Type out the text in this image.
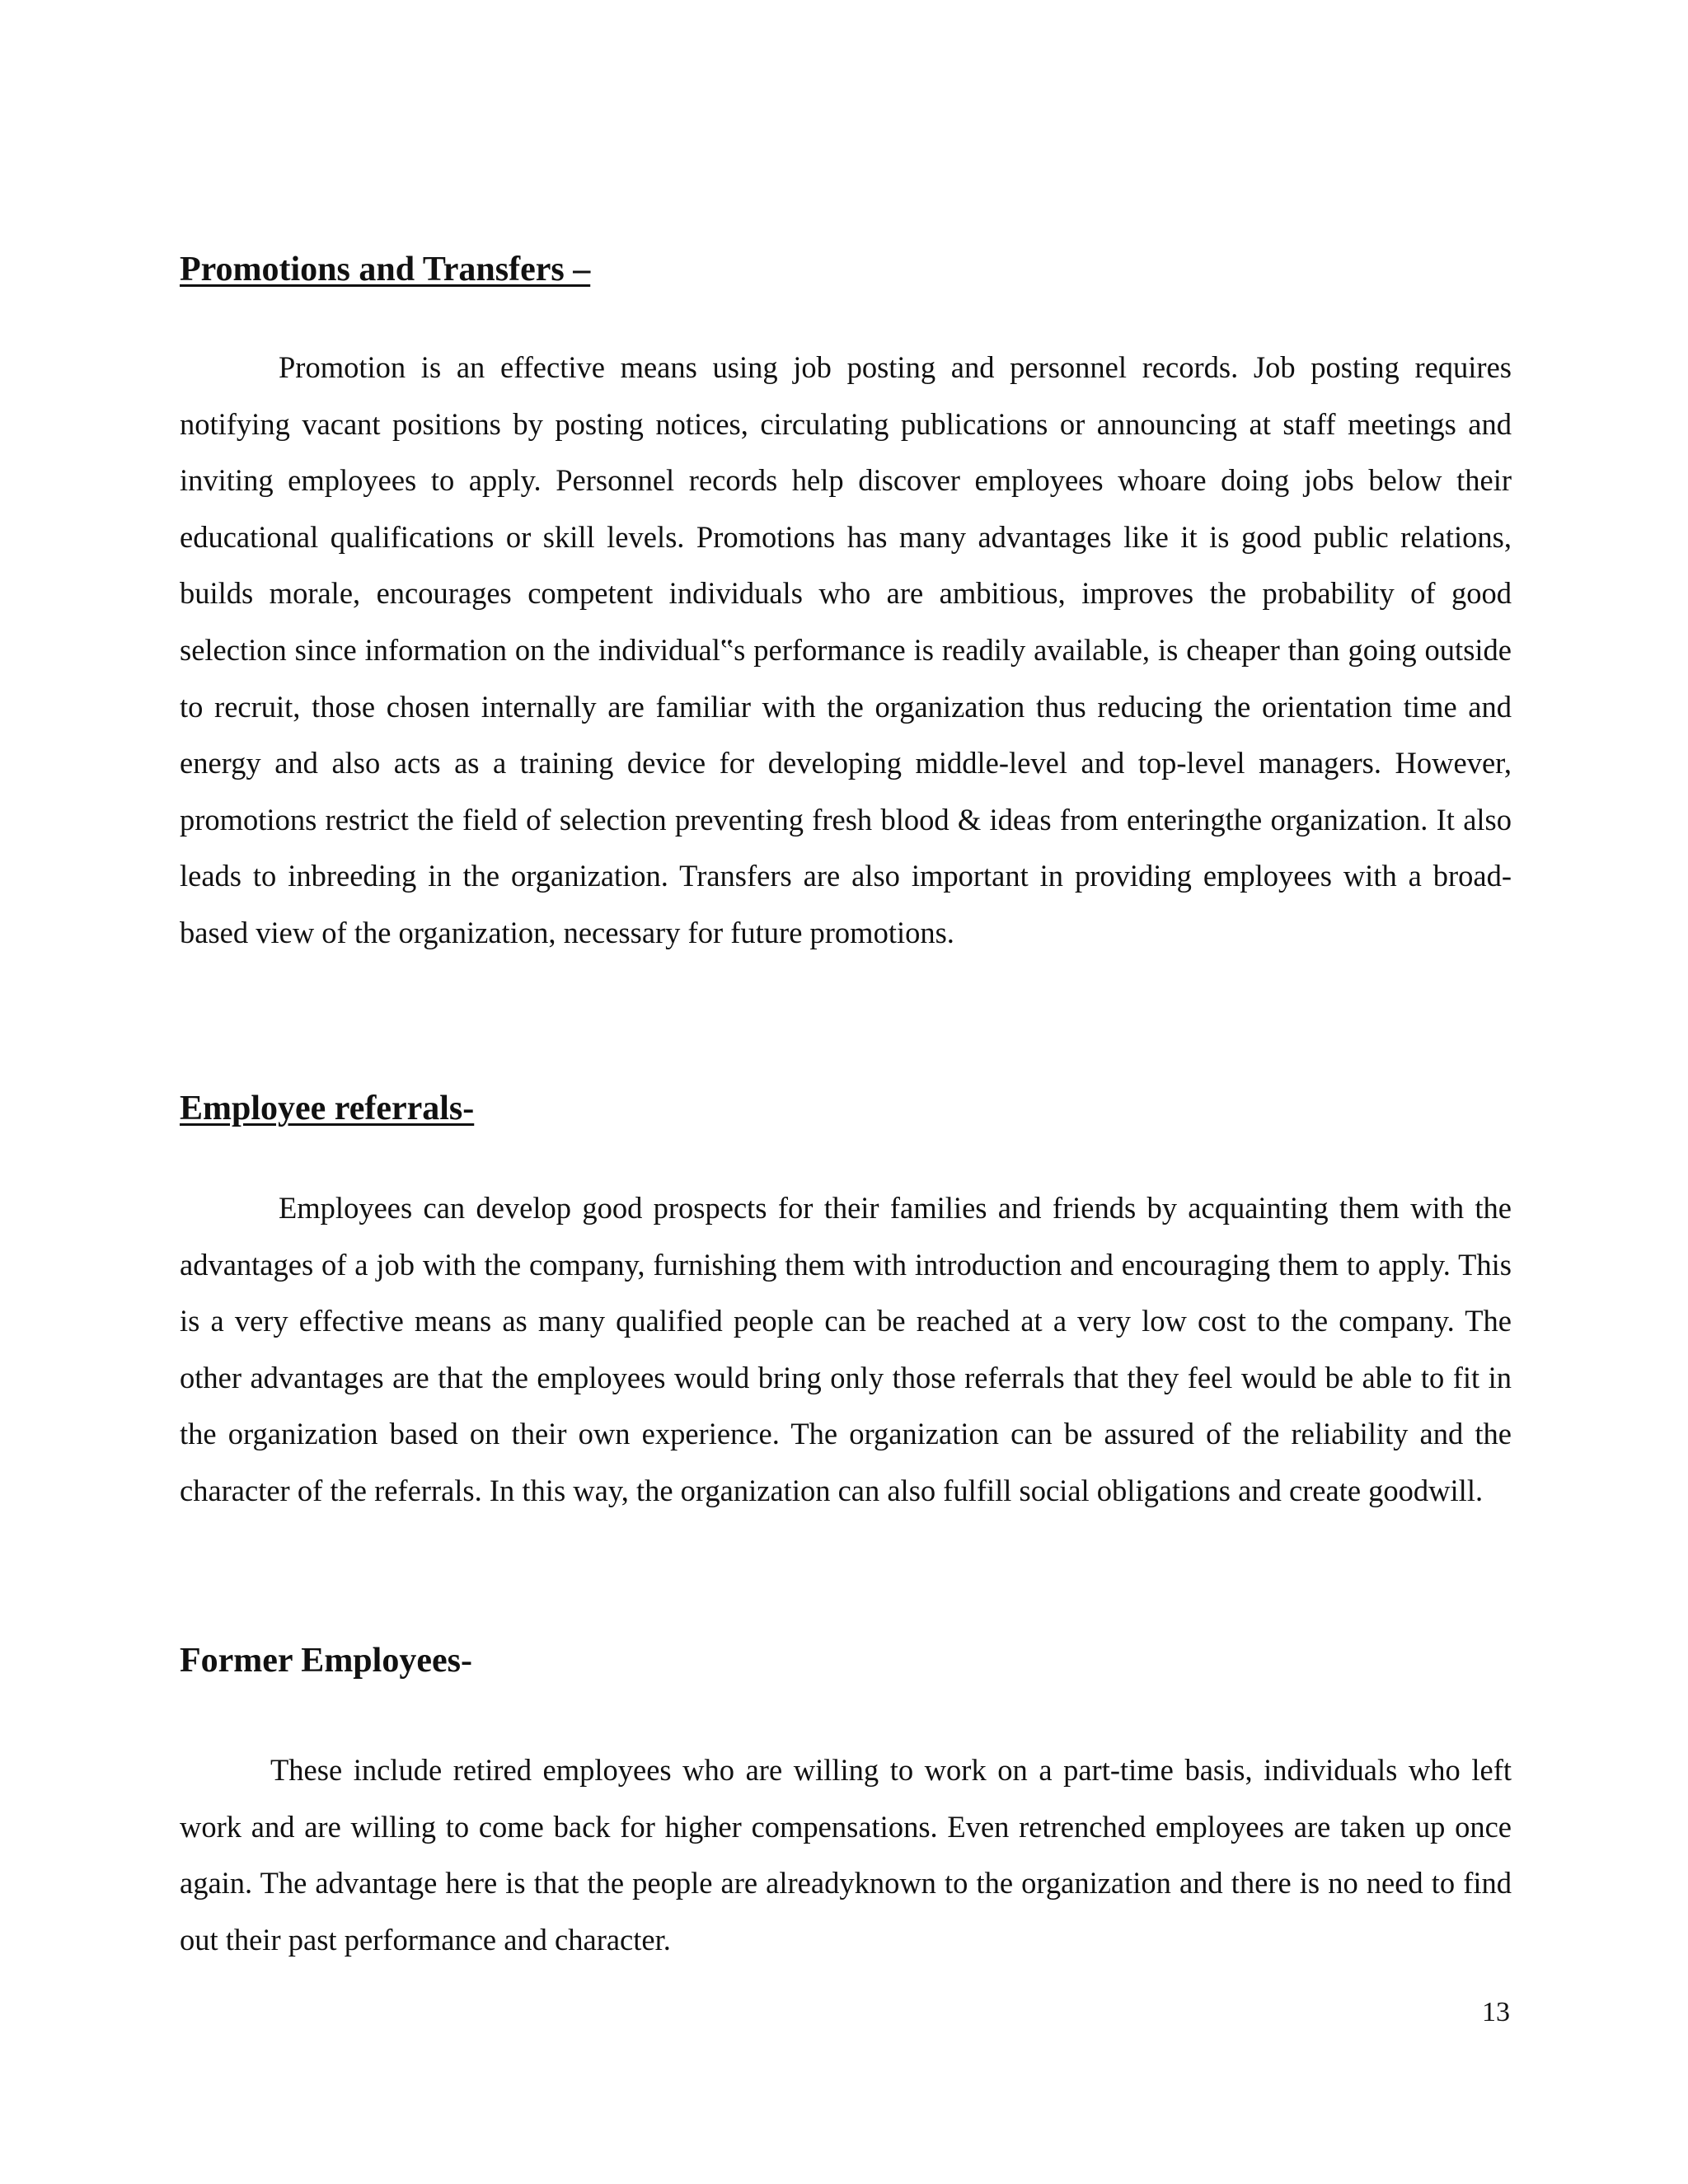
Promotions and Transfers –

Promotion is an effective means using job posting and personnel records. Job posting requires notifying vacant positions by posting notices, circulating publications or announcing at staff meetings and inviting employees to apply. Personnel records help discover employees whoare doing jobs below their educational qualifications or skill levels. Promotions has many advantages like it is good public relations, builds morale, encourages competent individuals who are ambitious, improves the probability of good selection since information on the individual‟s performance is readily available, is cheaper than going outside to recruit, those chosen internally are familiar with the organization thus reducing the orientation time and energy and also acts as a training device for developing middle-level and top-level managers. However, promotions restrict the field of selection preventing fresh blood & ideas from enteringthe organization. It also leads to inbreeding in the organization. Transfers are also important in providing employees with a broad-based view of the organization, necessary for future promotions.

Employee referrals-

Employees can develop good prospects for their families and friends by acquainting them with the advantages of a job with the company, furnishing them with introduction and encouraging them to apply. This is a very effective means as many qualified people can be reached at a very low cost to the company. The other advantages are that the employees would bring only those referrals that they feel would be able to fit in the organization based on their own experience. The organization can be assured of the reliability and the character of the referrals. In this way, the organization can also fulfill social obligations and create goodwill.

Former Employees-

These include retired employees who are willing to work on a part-time basis, individuals who left work and are willing to come back for higher compensations. Even retrenched employees are taken up once again. The advantage here is that the people are alreadyknown to the organization and there is no need to find out their past performance and character.

13
